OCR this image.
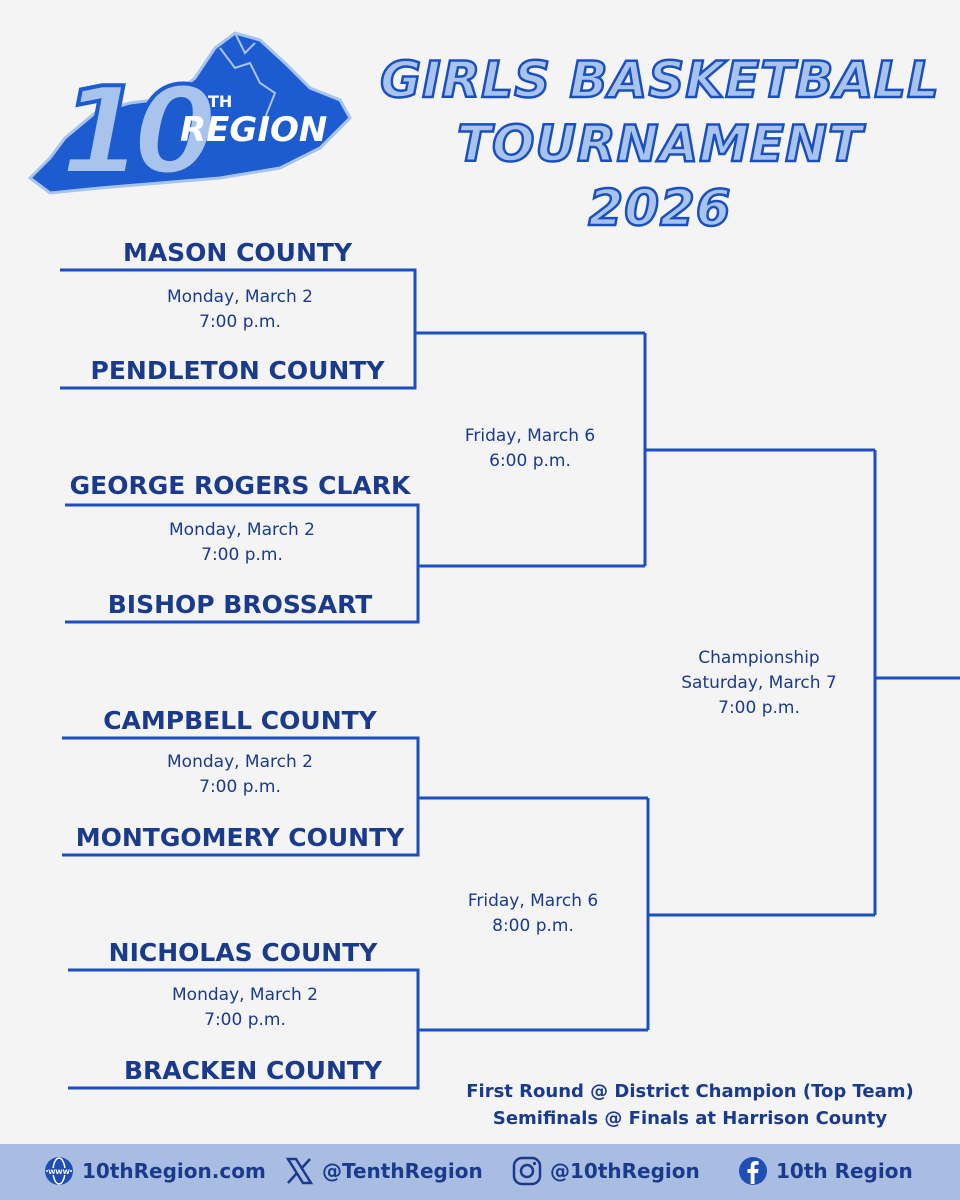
10 TH
REGION
GIRLS BASKETBALL
TOURNAMENT 2026
MASON COUNTY
PENDLETON COUNTY
GEORGE ROGERS CLARK
BISHOP BROSSART
CAMPBELL COUNTY
MONTGOMERY COUNTY
NICHOLAS COUNTY
BRACKEN COUNTY
Monday, March 2
7:00 p.m.
Monday, March 2
7:00 p.m.
Monday, March 2
7:00 p.m.
Monday, March 2
7:00 p.m.
Friday, March 6
6:00 p.m.
Friday, March 6
8:00 p.m.
Championship
Saturday, March 7
7:00 p.m.
First Round @ District Champion (Top Team)
Semifinals @ Finals at Harrison County
WWW 10thRegion.com	@TenthRegion	@10thRegion	10th Region
